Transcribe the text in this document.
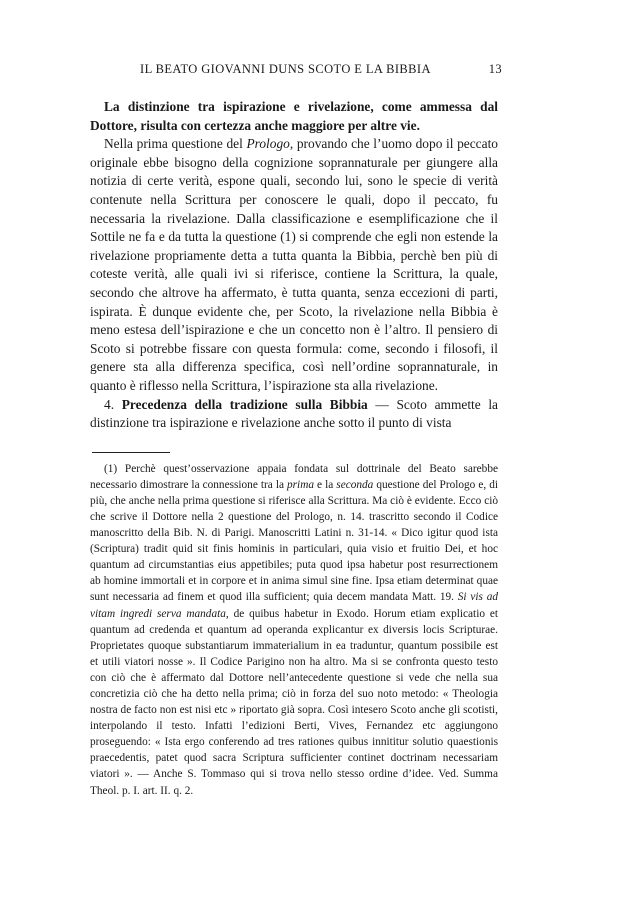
IL BEATO GIOVANNI DUNS SCOTO E LA BIBBIA	13

La distinzione tra ispirazione e rivelazione, come ammessa dal Dottore, risulta con certezza anche maggiore per altre vie.

Nella prima questione del Prologo, provando che l’uomo dopo il peccato originale ebbe bisogno della cognizione soprannaturale per giungere alla notizia di certe verità, espone quali, secondo lui, sono le specie di verità contenute nella Scrittura per conoscere le quali, dopo il peccato, fu necessaria la rivelazione. Dalla classificazione e esemplificazione che il Sottile ne fa e da tutta la questione (1) si comprende che egli non estende la rivelazione propriamente detta a tutta quanta la Bibbia, perchè ben più di coteste verità, alle quali ivi si riferisce, contiene la Scrittura, la quale, secondo che altrove ha affermato, è tutta quanta, senza eccezioni di parti, ispirata. È dunque evidente che, per Scoto, la rivelazione nella Bibbia è meno estesa dell’ispirazione e che un concetto non è l’altro. Il pensiero di Scoto si potrebbe fissare con questa formula: come, secondo i filosofi, il genere sta alla differenza specifica, così nell’ordine soprannaturale, in quanto è riflesso nella Scrittura, l’ispirazione sta alla rivelazione.

4. Precedenza della tradizione sulla Bibbia — Scoto ammette la distinzione tra ispirazione e rivelazione anche sotto il punto di vista

(1) Perchè quest’osservazione appaia fondata sul dottrinale del Beato sarebbe necessario dimostrare la connessione tra la prima e la seconda questione del Prologo e, di più, che anche nella prima questione si riferisce alla Scrittura. Ma ciò è evidente. Ecco ciò che scrive il Dottore nella 2 questione del Prologo, n. 14. trascritto secondo il Codice manoscritto della Bib. N. di Parigi. Manoscritti Latini n. 31-14. « Dico igitur quod ista (Scriptura) tradit quid sit finis hominis in particulari, quia visio et fruitio Dei, et hoc quantum ad circumstantias eius appetibiles; puta quod ipsa habetur post resurrectionem ab homine immortali et in corpore et in anima simul sine fine. Ipsa etiam determinat quae sunt necessaria ad finem et quod illa sufficient; quia decem mandata Matt. 19. Si vis ad vitam ingredi serva mandata, de quibus habetur in Exodo. Horum etiam explicatio et quantum ad credenda et quantum ad operanda explicantur ex diversis locis Scripturae. Proprietates quoque substantiarum immaterialium in ea traduntur, quantum possibile est et utili viatori nosse ». Il Codice Parigino non ha altro. Ma si se confronta questo testo con ciò che è affermato dal Dottore nell’antecedente questione si vede che nella sua concretizia ciò che ha detto nella prima; ciò in forza del suo noto metodo: « Theologia nostra de facto non est nisi etc » riportato già sopra. Così intesero Scoto anche gli scotisti, interpolando il testo. Infatti l’edizioni Berti, Vives, Fernandez etc aggiungono proseguendo: « Ista ergo conferendo ad tres rationes quibus innititur solutio quaestionis praecedentis, patet quod sacra Scriptura sufficienter continet doctrinam necessariam viatori ». — Anche S. Tommaso qui si trova nello stesso ordine d’idee. Ved. Summa Theol. p. I. art. II. q. 2.
